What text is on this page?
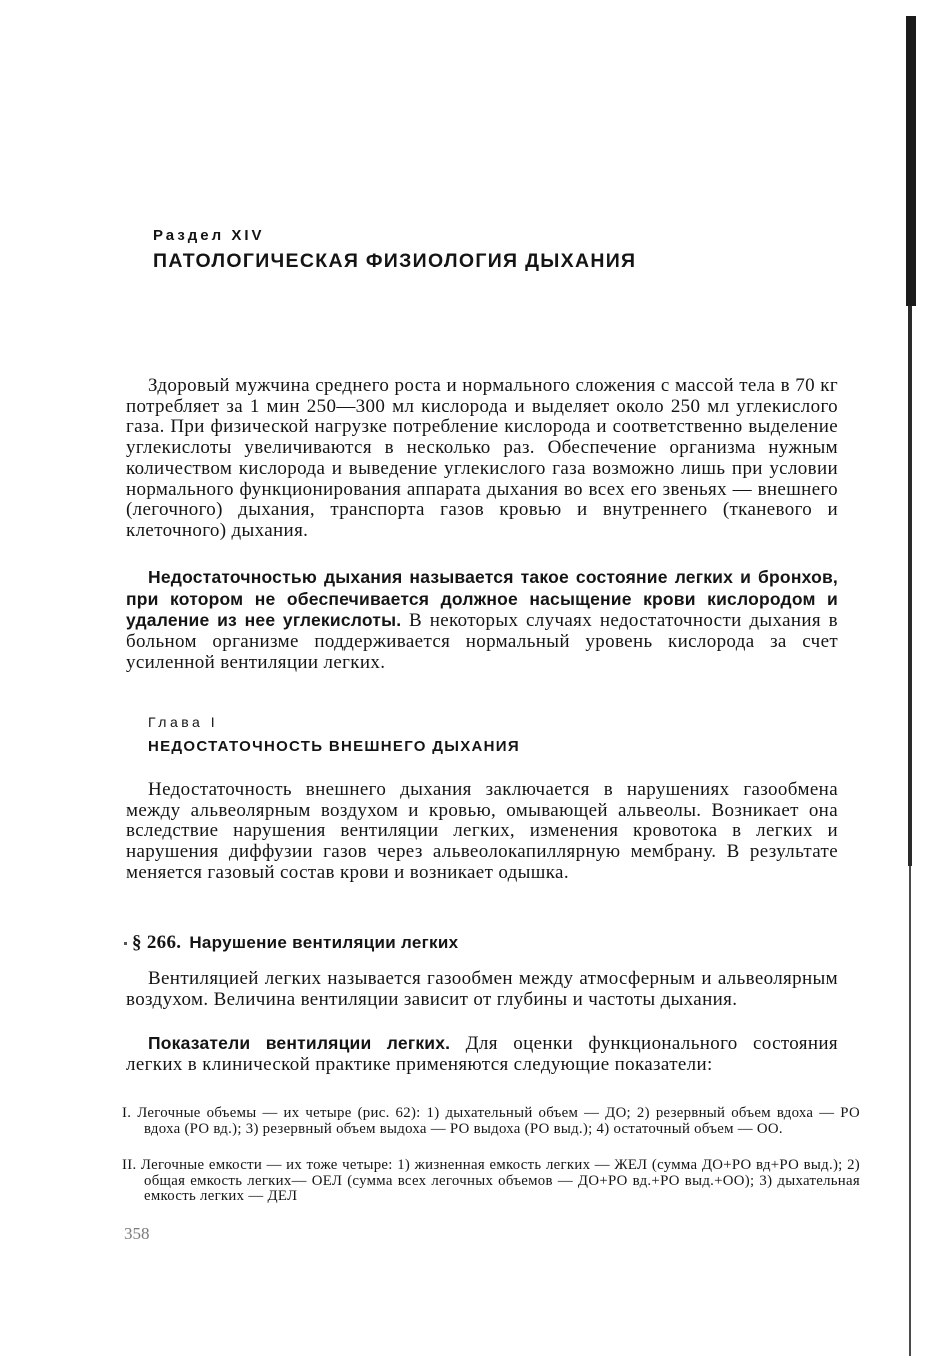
Раздел XIV
ПАТОЛОГИЧЕСКАЯ ФИЗИОЛОГИЯ ДЫХАНИЯ

Здоровый мужчина среднего роста и нормального сложения с массой тела в 70 кг потребляет за 1 мин 250—300 мл кислорода и выделяет около 250 мл углекислого газа. При физической нагрузке потребление кислорода и соответственно выделение углекислоты увеличиваются в несколько раз. Обеспечение организма нужным количеством кислорода и выведение углекислого газа возможно лишь при условии нормального функционирования аппарата дыхания во всех его звеньях — внешнего (легочного) дыхания, транспорта газов кровью и внутреннего (тканевого и клеточного) дыхания.

Недостаточностью дыхания называется такое состояние легких и бронхов, при котором не обеспечивается должное насыщение крови кислородом и удаление из нее углекислоты. В некоторых случаях недостаточности дыхания в больном организме поддерживается нормальный уровень кислорода за счет усиленной вентиляции легких.

Глава I
НЕДОСТАТОЧНОСТЬ ВНЕШНЕГО ДЫХАНИЯ

Недостаточность внешнего дыхания заключается в нарушениях газообмена между альвеолярным воздухом и кровью, омывающей альвеолы. Возникает она вследствие нарушения вентиляции легких, изменения кровотока в легких и нарушения диффузии газов через альвеолокапиллярную мембрану. В результате меняется газовый состав крови и возникает одышка.

§ 266. Нарушение вентиляции легких

Вентиляцией легких называется газообмен между атмосферным и альвеолярным воздухом. Величина вентиляции зависит от глубины и частоты дыхания.

Показатели вентиляции легких. Для оценки функционального состояния легких в клинической практике применяются следующие показатели:

I. Легочные объемы — их четыре (рис. 62): 1) дыхательный объем — ДО; 2) резервный объем вдоха — РО вдоха (РО вд.); 3) резервный объем выдоха — РО выдоха (РО выд.); 4) остаточный объем — ОО.

II. Легочные емкости — их тоже четыре: 1) жизненная емкость легких — ЖЕЛ (сумма ДО+РО вд+РО выд.); 2) общая емкость легких— ОЕЛ (сумма всех легочных объемов — ДО+РО вд.+РО выд.+ОО); 3) дыхательная емкость легких — ДЕЛ

358
